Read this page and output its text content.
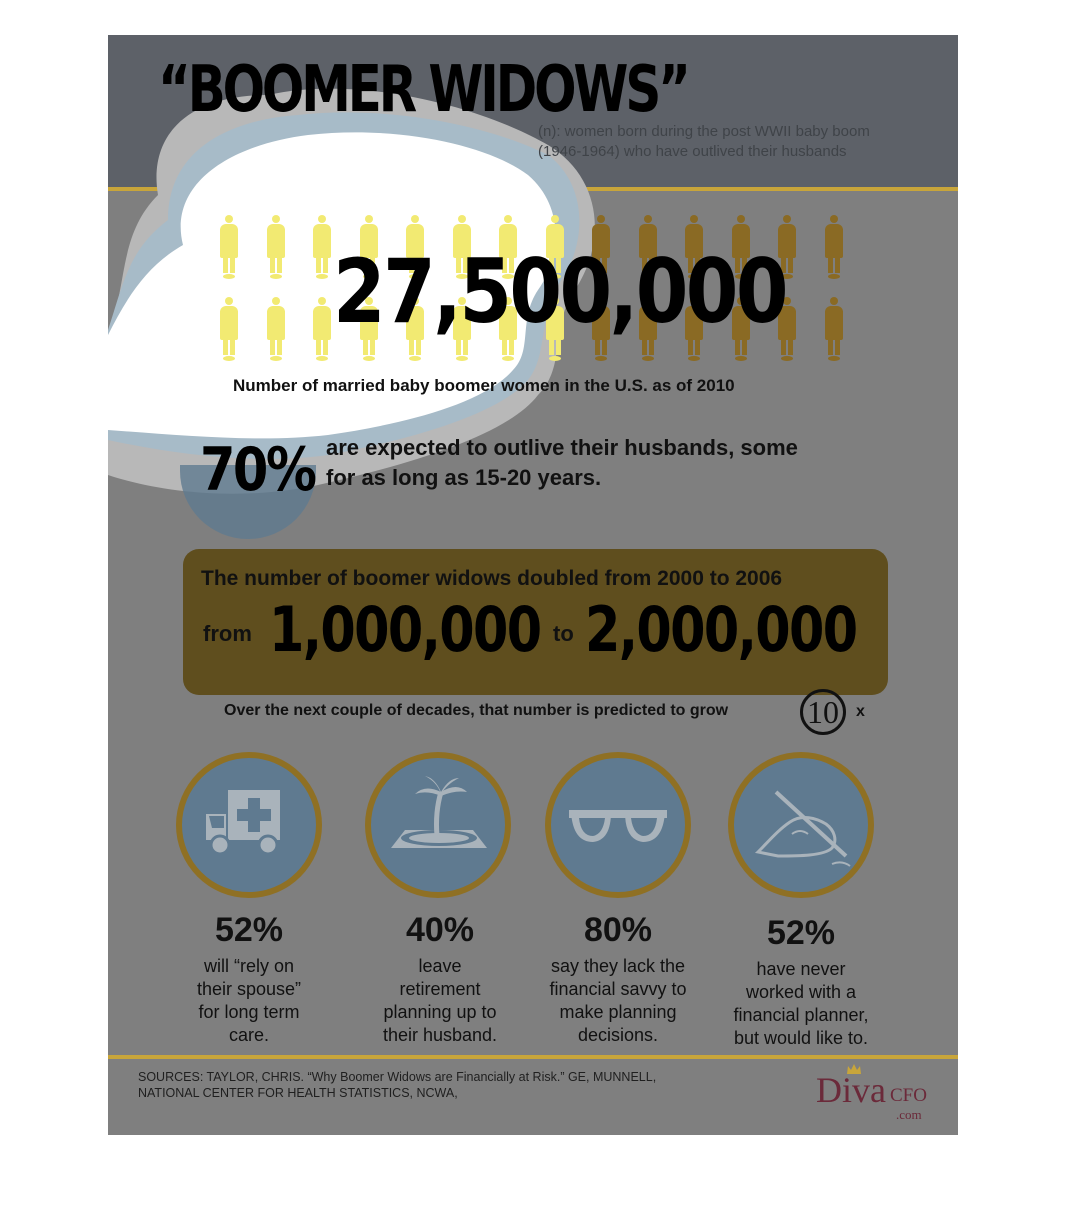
“BOOMER WIDOWS”
(n): women born during the post WWII baby boom
(1946-1964) who have outlived their husbands
27,500,000
Number of married baby boomer women in the U.S. as of 2010
70% are expected to outlive their husbands, some
for as long as 15-20 years.
The number of boomer widows doubled from 2000 to 2006
from 1,000,000 to 2,000,000
Over the next couple of decades, that number is predicted to grow 10	x
52%

will “rely on
their spouse”
for long term
care.

40%

leave
retirement
planning up to
their husband.

80%

say they lack the
financial savvy to
make planning
decisions.

52%

have never
worked with a
financial planner,
but would like to.

SOURCES: TAYLOR, CHRIS. “Why Boomer Widows are Financially at Risk.” GE, MUNNELL,
NATIONAL CENTER FOR HEALTH STATISTICS, NCWA,	Diva CFO
.com
